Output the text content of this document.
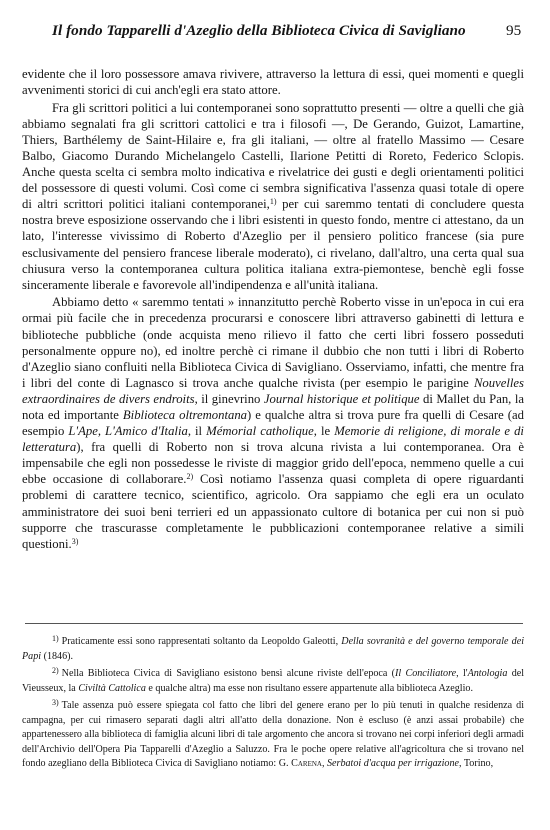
Il fondo Tapparelli d'Azeglio della Biblioteca Civica di Savigliano	95

evidente che il loro possessore amava rivivere, attraverso la lettura di essi, quei momenti e quegli avvenimenti storici di cui anch'egli era stato attore.

Fra gli scrittori politici a lui contemporanei sono soprattutto presenti — oltre a quelli che già abbiamo segnalati fra gli scrittori cattolici e tra i filosofi —, De Gerando, Guizot, Lamartine, Thiers, Barthélemy de Saint-Hilaire e, fra gli italiani, — oltre al fratello Massimo — Cesare Balbo, Giacomo Durando Michelangelo Castelli, Ilarione Petitti di Roreto, Federico Sclopis. Anche questa scelta ci sembra molto indicativa e rivelatrice dei gusti e degli orientamenti politici del possessore di questi volumi. Così come ci sembra significativa l'assenza quasi totale di opere di altri scrittori politici italiani contemporanei,$^{1)}$ per cui saremmo tentati di concludere questa nostra breve esposizione osservando che i libri esistenti in questo fondo, mentre ci attestano, da un lato, l'interesse vivissimo di Roberto d'Azeglio per il pensiero politico francese (sia pure esclusivamente del pensiero francese liberale moderato), ci rivelano, dall'altro, una certa qual sua chiusura verso la contemporanea cultura politica italiana extra-piemontese, benchè egli fosse sinceramente liberale e favorevole all'indipendenza e all'unità italiana.

Abbiamo detto « saremmo tentati » innanzitutto perchè Roberto visse in un'epoca in cui era ormai più facile che in precedenza procurarsi e conoscere libri attraverso gabinetti di lettura e biblioteche pubbliche (onde acquista meno rilievo il fatto che certi libri fossero posseduti personalmente oppure no), ed inoltre perchè ci rimane il dubbio che non tutti i libri di Roberto d'Azeglio siano confluiti nella Biblioteca Civica di Savigliano. Osserviamo, infatti, che mentre fra i libri del conte di Lagnasco si trova anche qualche rivista (per esempio le parigine Nouvelles extraordinaires de divers endroits, il ginevrino Journal historique et politique di Mallet du Pan, la nota ed importante Biblioteca oltremontana) e qualche altra si trova pure fra quelli di Cesare (ad esempio L'Ape, L'Amico d'Italia, il Mémorial catholique, le Memorie di religione, di morale e di letteratura), fra quelli di Roberto non si trova alcuna rivista a lui contemporanea. Ora è impensabile che egli non possedesse le riviste di maggior grido dell'epoca, nemmeno quelle a cui ebbe occasione di collaborare.$^{2)}$ Così notiamo l'assenza quasi completa di opere riguardanti problemi di carattere tecnico, scientifico, agricolo. Ora sappiamo che egli era un oculato amministratore dei suoi beni terrieri ed un appassionato cultore di botanica per cui non si può supporre che trascurasse completamente le pubblicazioni contemporanee relative a simili questioni.$^{3)}$

$^{1)}$ Praticamente essi sono rappresentati soltanto da Leopoldo Galeotti, Della sovranità e del governo temporale dei Papi (1846).

$^{2)}$ Nella Biblioteca Civica di Savigliano esistono bensì alcune riviste dell'epoca (Il Conciliatore, l'Antologia del Vieusseux, la Civiltà Cattolica e qualche altra) ma esse non risultano essere appartenute alla biblioteca Azeglio.

$^{3)}$ Tale assenza può essere spiegata col fatto che libri del genere erano per lo più tenuti in qualche residenza di campagna, per cui rimasero separati dagli altri all'atto della donazione. Non è escluso (è anzi assai probabile) che appartenessero alla biblioteca di famiglia alcuni libri di tale argomento che ancora si trovano nei corpi inferiori degli armadi dell'Archivio dell'Opera Pia Tapparelli d'Azeglio a Saluzzo. Fra le poche opere relative all'agricoltura che si trovano nel fondo azegliano della Biblioteca Civica di Savigliano notiamo: G. Carena, Serbatoi d'acqua per irrigazione, Torino,
